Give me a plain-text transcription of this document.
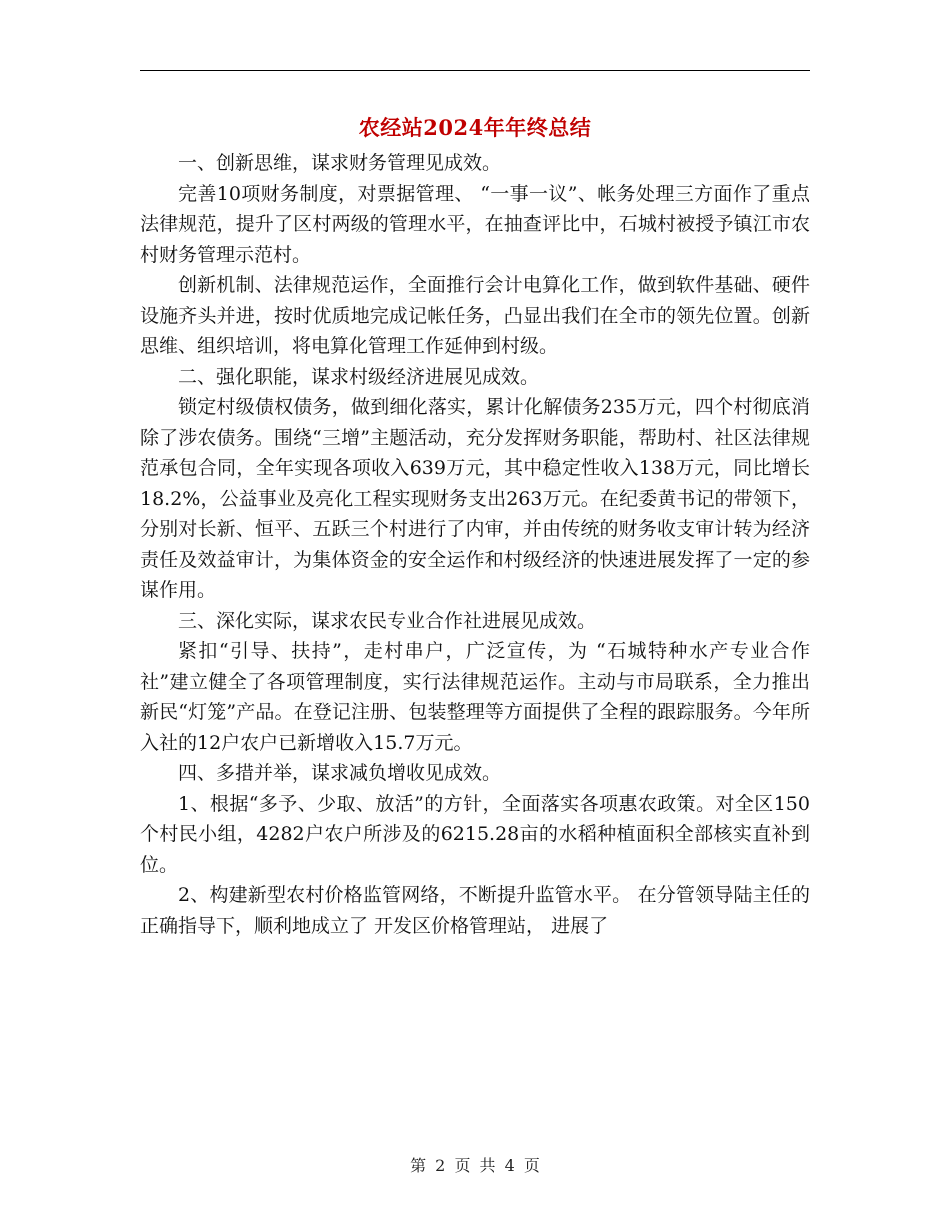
农经站2024年年终总结

一、创新思维，谋求财务管理见成效。

完善10项财务制度，对票据管理、 “一事一议”、帐务处理三方面作了重点法律规范，提升了区村两级的管理水平，在抽查评比中，石城村被授予镇江市农村财务管理示范村。

创新机制、法律规范运作，全面推行会计电算化工作，做到软件基础、硬件设施齐头并进，按时优质地完成记帐任务，凸显出我们在全市的领先位置。创新思维、组织培训，将电算化管理工作延伸到村级。

二、强化职能，谋求村级经济进展见成效。

锁定村级债权债务，做到细化落实，累计化解债务235万元，四个村彻底消除了涉农债务。围绕“三增”主题活动，充分发挥财务职能，帮助村、社区法律规范承包合同，全年实现各项收入639万元，其中稳定性收入138万元，同比增长18.2%，公益事业及亮化工程实现财务支出263万元。在纪委黄书记的带领下，分别对长新、恒平、五跃三个村进行了内审，并由传统的财务收支审计转为经济责任及效益审计，为集体资金的安全运作和村级经济的快速进展发挥了一定的参谋作用。

三、深化实际，谋求农民专业合作社进展见成效。

紧扣“引导、扶持”，走村串户，广泛宣传，为 “石城特种水产专业合作社”建立健全了各项管理制度，实行法律规范运作。主动与市局联系，全力推出新民“灯笼”产品。在登记注册、包装整理等方面提供了全程的跟踪服务。今年所入社的12户农户已新增收入15.7万元。

四、多措并举，谋求减负增收见成效。

1、根据“多予、少取、放活”的方针，全面落实各项惠农政策。对全区150个村民小组，4282户农户所涉及的6215.28亩的水稻种植面积全部核实直补到位。

2、构建新型农村价格监管网络，不断提升监管水平。 在分管领导陆主任的正确指导下，顺利地成立了 开发区价格管理站， 进展了

第 2 页 共 4 页
